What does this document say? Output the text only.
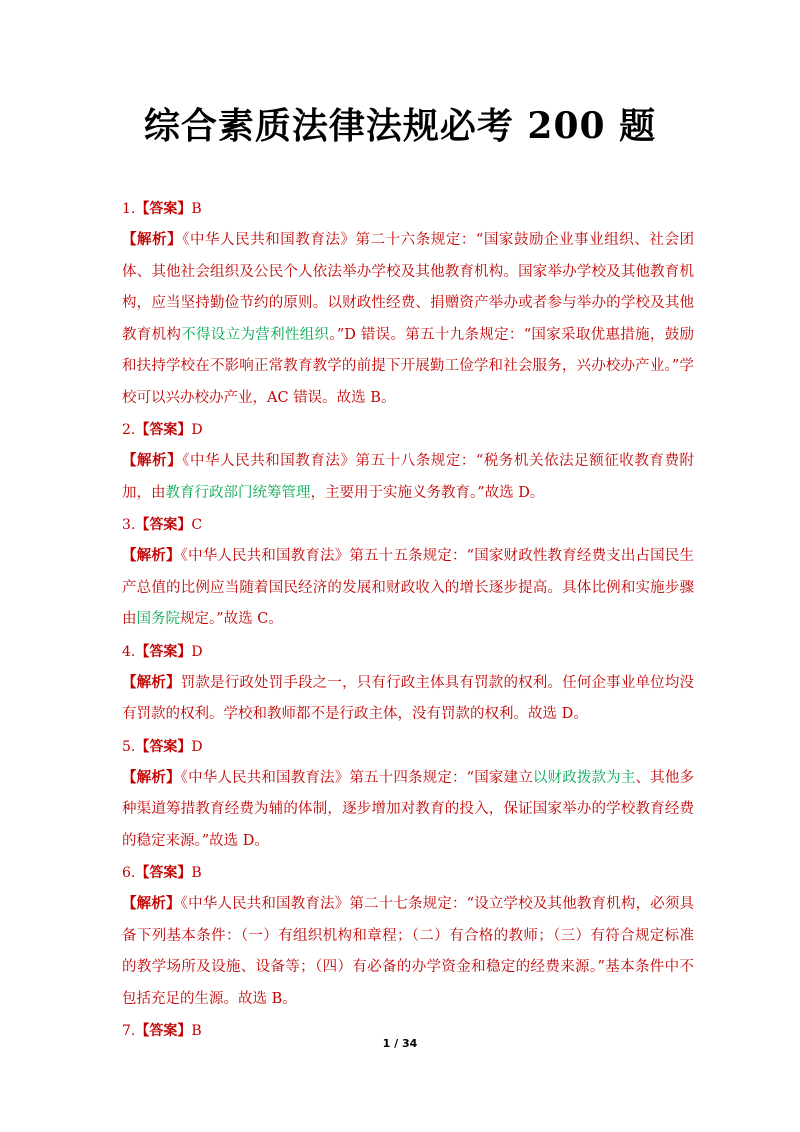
综合素质法律法规必考 200 题
1.【答案】B
【解析】《中华人民共和国教育法》第二十六条规定：“国家鼓励企业事业组织、社会团体、其他社会组织及公民个人依法举办学校及其他教育机构。国家举办学校及其他教育机构，应当坚持勤俭节约的原则。以财政性经费、捐赠资产举办或者参与举办的学校及其他教育机构不得设立为营利性组织。”D 错误。第五十九条规定：“国家采取优惠措施，鼓励和扶持学校在不影响正常教育教学的前提下开展勤工俭学和社会服务，兴办校办产业。”学校可以兴办校办产业，AC 错误。故选 B。
2.【答案】D
【解析】《中华人民共和国教育法》第五十八条规定：“税务机关依法足额征收教育费附加，由教育行政部门统筹管理，主要用于实施义务教育。”故选 D。
3.【答案】C
【解析】《中华人民共和国教育法》第五十五条规定：“国家财政性教育经费支出占国民生产总值的比例应当随着国民经济的发展和财政收入的增长逐步提高。具体比例和实施步骤由国务院规定。”故选 C。
4.【答案】D
【解析】罚款是行政处罚手段之一，只有行政主体具有罚款的权利。任何企事业单位均没有罚款的权利。学校和教师都不是行政主体，没有罚款的权利。故选 D。
5.【答案】D
【解析】《中华人民共和国教育法》第五十四条规定：“国家建立以财政拨款为主、其他多种渠道筹措教育经费为辅的体制，逐步增加对教育的投入，保证国家举办的学校教育经费的稳定来源。”故选 D。
6.【答案】B
【解析】《中华人民共和国教育法》第二十七条规定：“设立学校及其他教育机构，必须具备下列基本条件：（一）有组织机构和章程；（二）有合格的教师；（三）有符合规定标准的教学场所及设施、设备等；（四）有必备的办学资金和稳定的经费来源。”基本条件中不包括充足的生源。故选 B。
7.【答案】B
1 / 34
